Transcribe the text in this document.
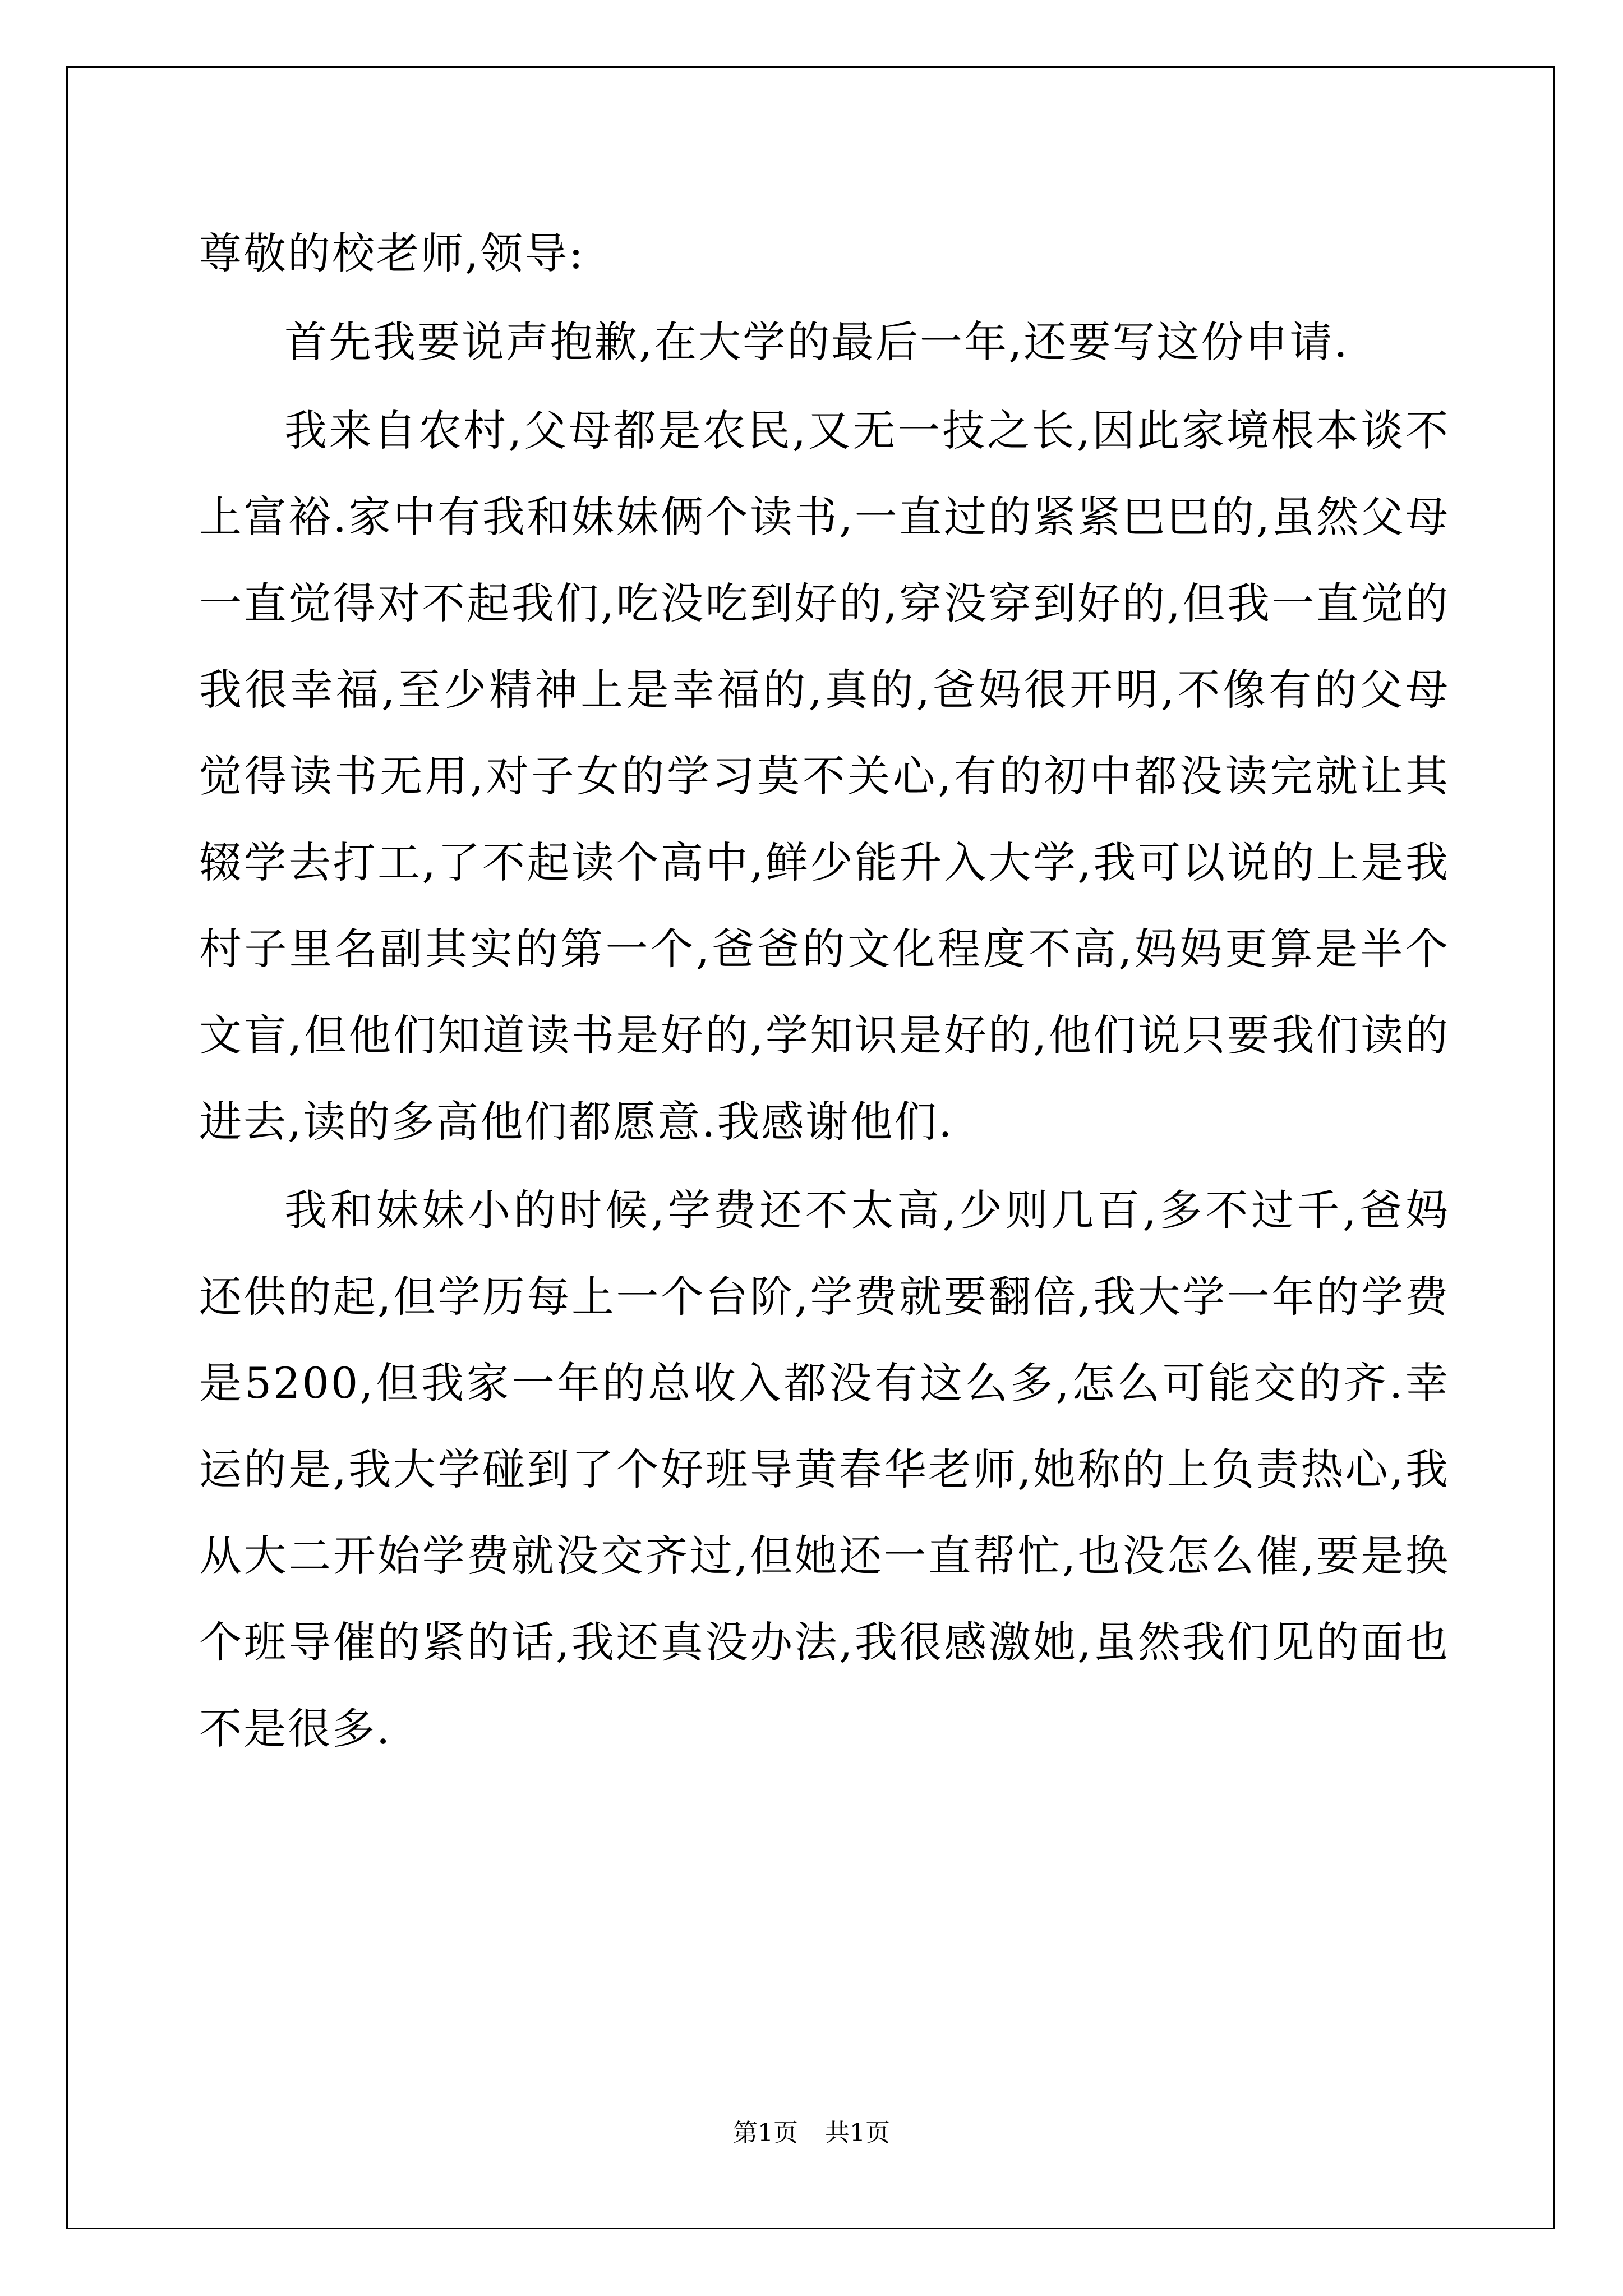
尊敬的校老师,领导:

首先我要说声抱歉,在大学的最后一年,还要写这份申请.

我来自农村,父母都是农民,又无一技之长,因此家境根本谈不上富裕.家中有我和妹妹俩个读书,一直过的紧紧巴巴的,虽然父母一直觉得对不起我们,吃没吃到好的,穿没穿到好的,但我一直觉的我很幸福,至少精神上是幸福的,真的,爸妈很开明,不像有的父母觉得读书无用,对子女的学习莫不关心,有的初中都没读完就让其辍学去打工,了不起读个高中,鲜少能升入大学,我可以说的上是我村子里名副其实的第一个,爸爸的文化程度不高,妈妈更算是半个文盲,但他们知道读书是好的,学知识是好的,他们说只要我们读的进去,读的多高他们都愿意.我感谢他们.

我和妹妹小的时候,学费还不太高,少则几百,多不过千,爸妈还供的起,但学历每上一个台阶,学费就要翻倍,我大学一年的学费是5200,但我家一年的总收入都没有这么多,怎么可能交的齐.幸运的是,我大学碰到了个好班导黄春华老师,她称的上负责热心,我从大二开始学费就没交齐过,但她还一直帮忙,也没怎么催,要是换个班导催的紧的话,我还真没办法,我很感激她,虽然我们见的面也不是很多.

第1页 共1页
